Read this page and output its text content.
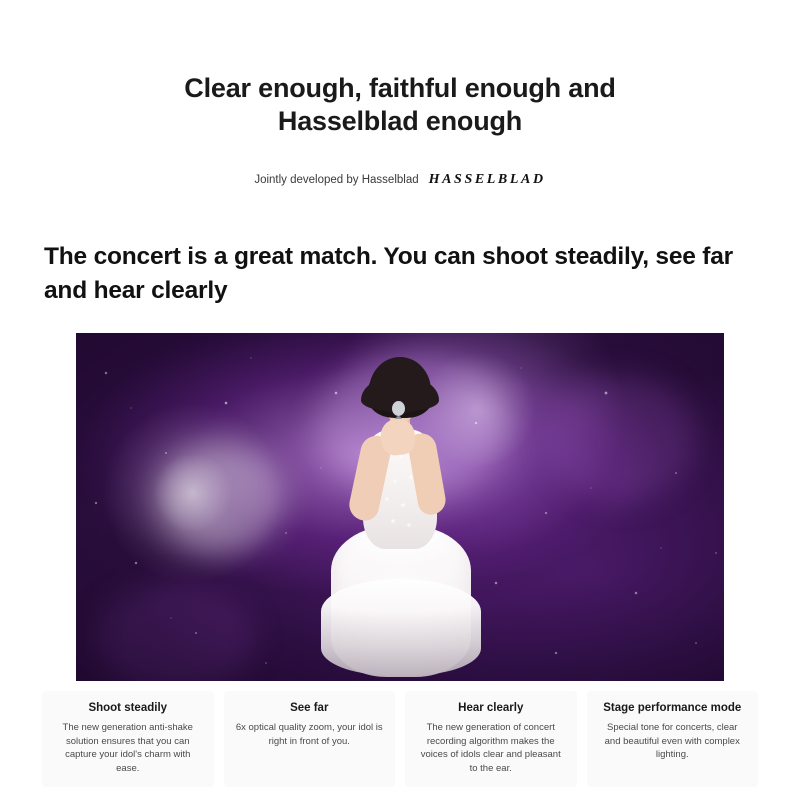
Clear enough, faithful enough and
Hasselblad enough
Jointly developed by Hasselblad HASSELBLAD
The concert is a great match. You can shoot steadily, see far and hear clearly
Shoot steadily
The new generation anti-shake solution ensures that you can capture your idol's charm with ease.
See far
6x optical quality zoom, your idol is right in front of you.
Hear clearly
The new generation of concert recording algorithm makes the voices of idols clear and pleasant to the ear.
Stage performance mode
Special tone for concerts, clear and beautiful even with complex lighting.
